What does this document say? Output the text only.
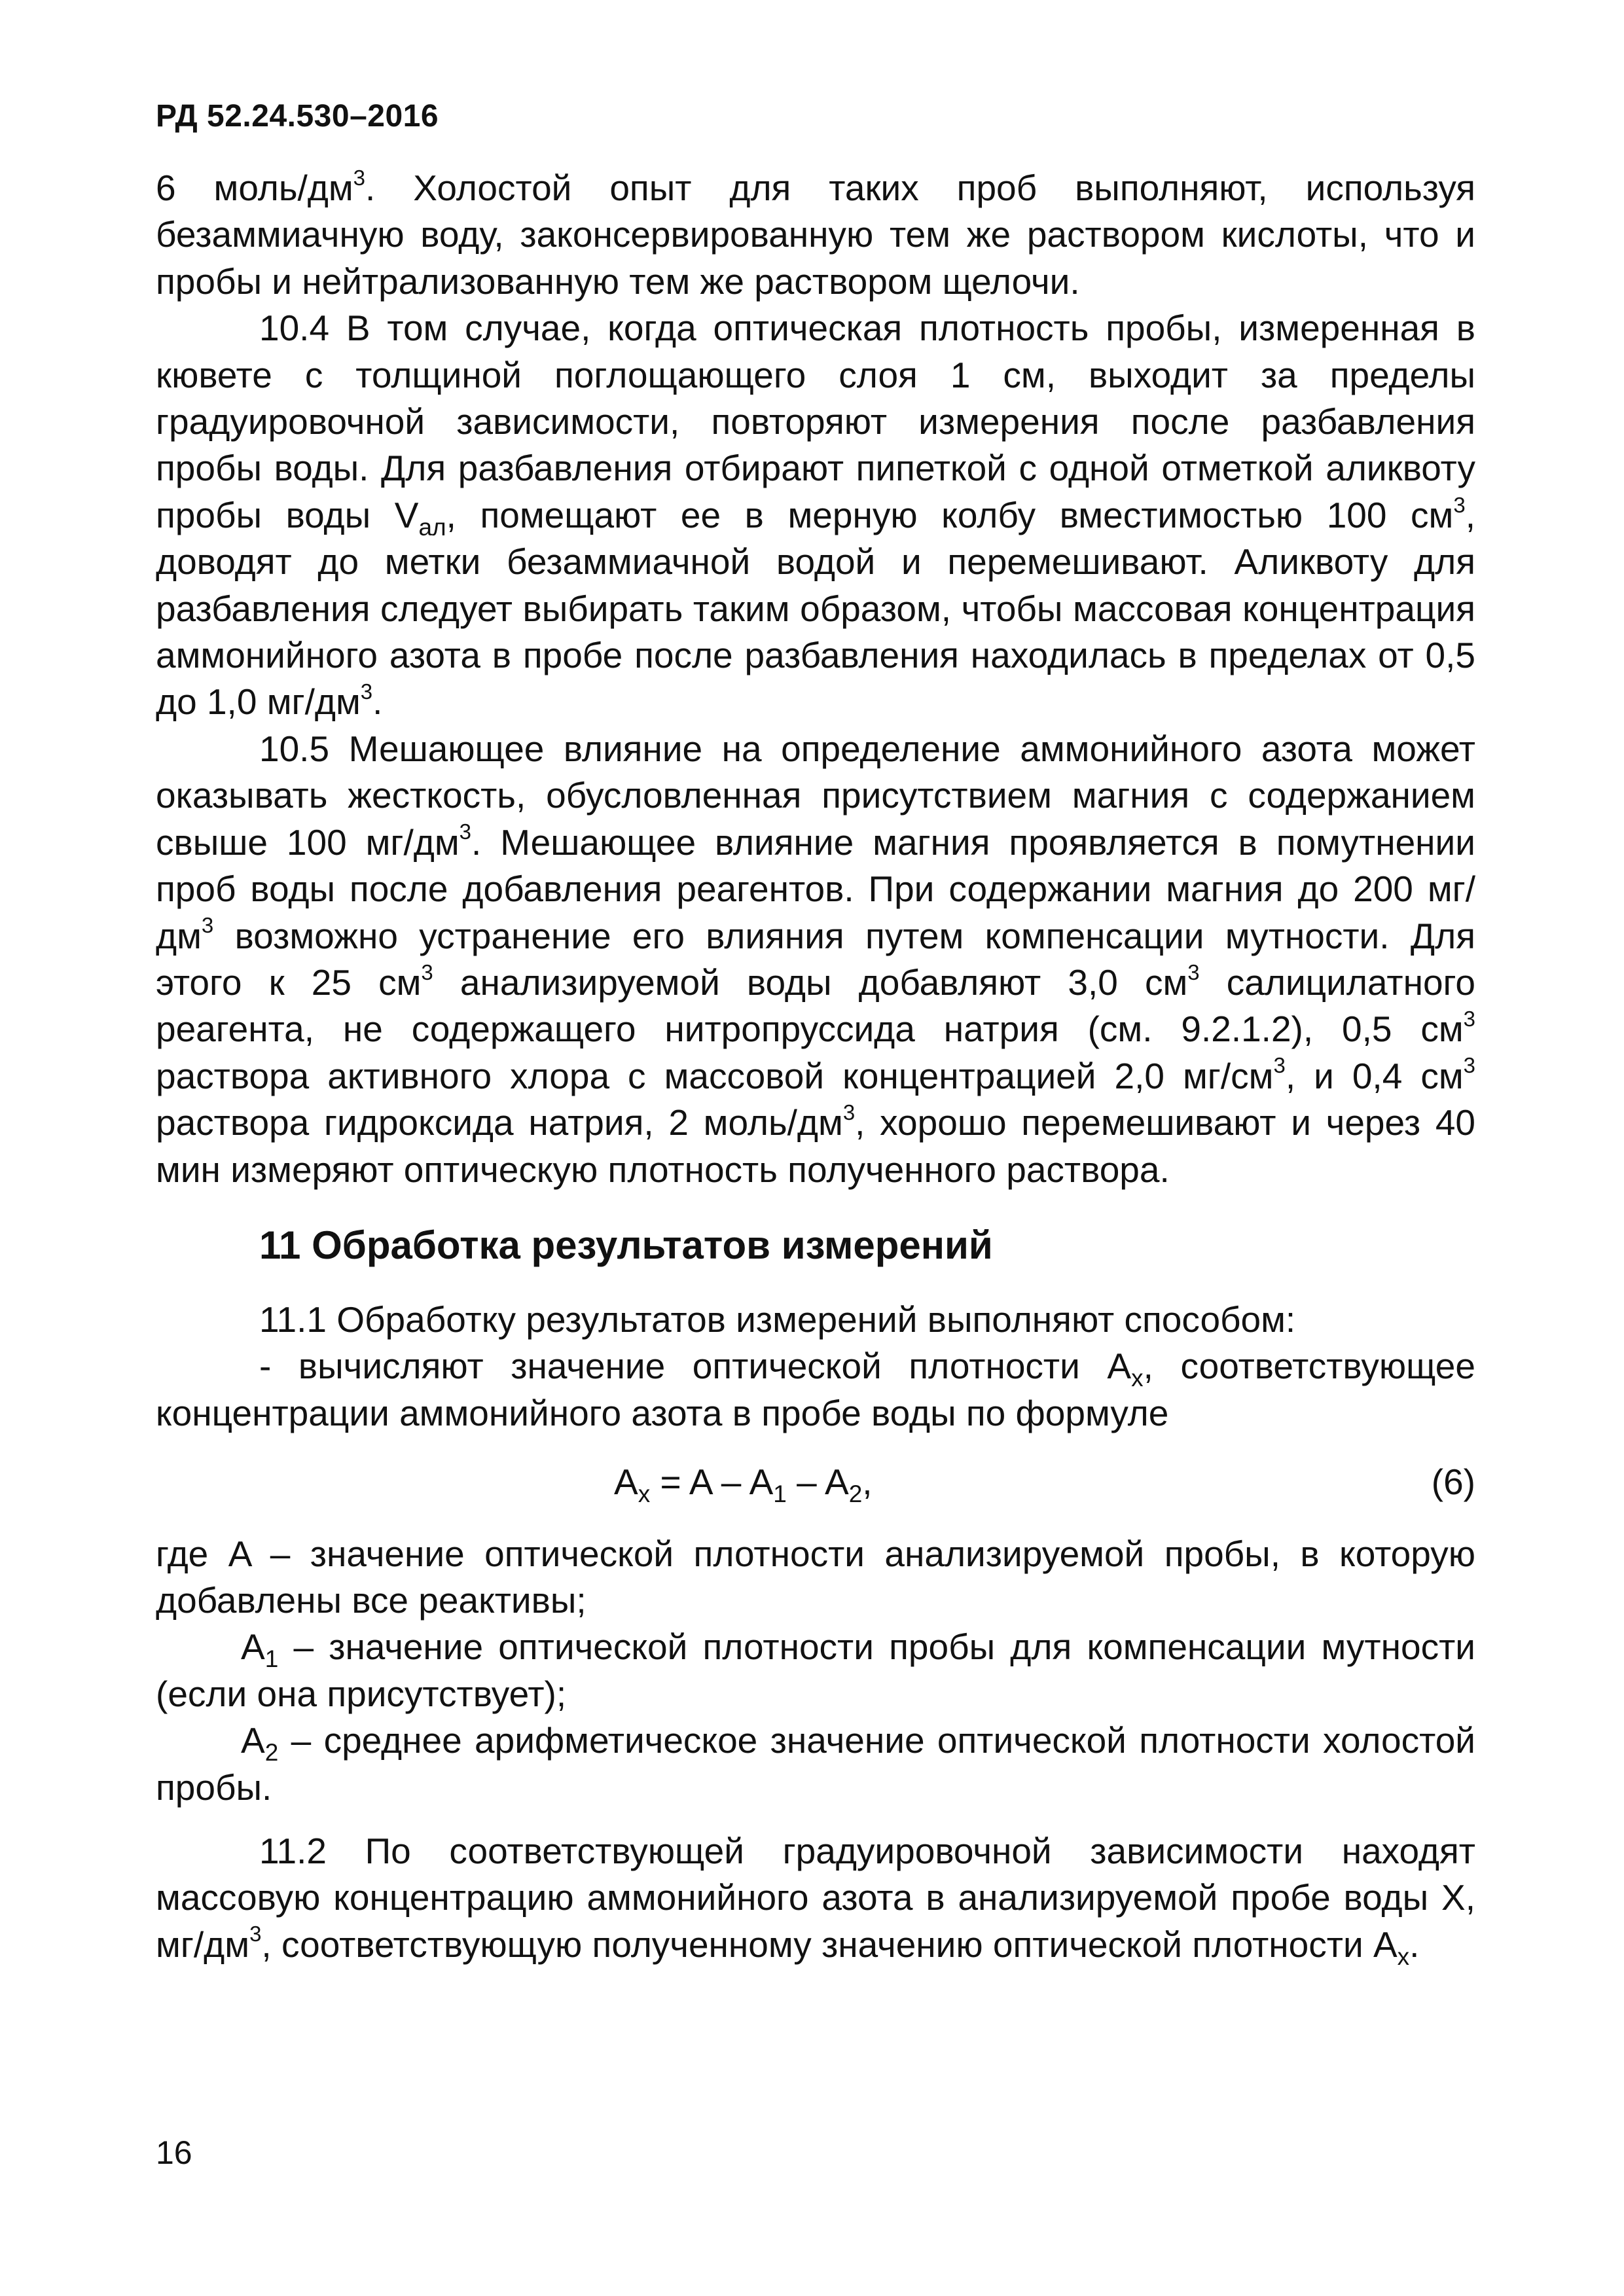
РД 52.24.530–2016

6 моль/$дм^3$. Холостой опыт для таких проб выполняют, используя безаммиачную воду, законсервированную тем же раствором кислоты, что и пробы и нейтрализованную тем же раствором щелочи.

10.4 В том случае, когда оптическая плотность пробы, измеренная в кювете с толщиной поглощающего слоя 1 см, выходит за пределы градуировочной зависимости, повторяют измерения после разбавления пробы воды. Для разбавления отбирают пипеткой с одной отметкой аликвоту пробы воды $V_{ал}$, помещают ее в мерную колбу вместимостью 100 $см^3$, доводят до метки безаммиачной водой и перемешивают. Аликвоту для разбавления следует выбирать таким образом, чтобы массовая концентрация аммонийного азота в пробе после разбавления находилась в пределах от 0,5 до 1,0 $мг/дм^3$.

10.5 Мешающее влияние на определение аммонийного азота может оказывать жесткость, обусловленная присутствием магния с содержанием свыше 100 $мг/дм^3$. Мешающее влияние магния проявляется в помутнении проб воды после добавления реагентов. При содержании магния до 200 $мг/дм^3$ возможно устранение его влияния путем компенсации мутности. Для этого к 25 $см^3$ анализируемой воды добавляют 3,0 $см^3$ салицилатного реагента, не содержащего нитропруссида натрия (см. 9.2.1.2), 0,5 $см^3$ раствора активного хлора с массовой концентрацией 2,0 $мг/см^3$, и 0,4 $см^3$ раствора гидроксида натрия, 2 моль/$дм^3$, хорошо перемешивают и через 40 мин измеряют оптическую плотность полученного раствора.

11 Обработка результатов измерений

11.1 Обработку результатов измерений выполняют способом:

- вычисляют значение оптической плотности $A_x$, соответствующее концентрации аммонийного азота в пробе воды по формуле

$A_x = A - A_1 - A_2$,	(6)

где A – значение оптической плотности анализируемой пробы, в которую добавлены все реактивы;

$A_1$ – значение оптической плотности пробы для компенсации мутности (если она присутствует);

$A_2$ – среднее арифметическое значение оптической плотности холостой пробы.

11.2 По соответствующей градуировочной зависимости находят массовую концентрацию аммонийного азота в анализируемой пробе воды X, $мг/дм^3$, соответствующую полученному значению оптической плотности $A_x$.

16
